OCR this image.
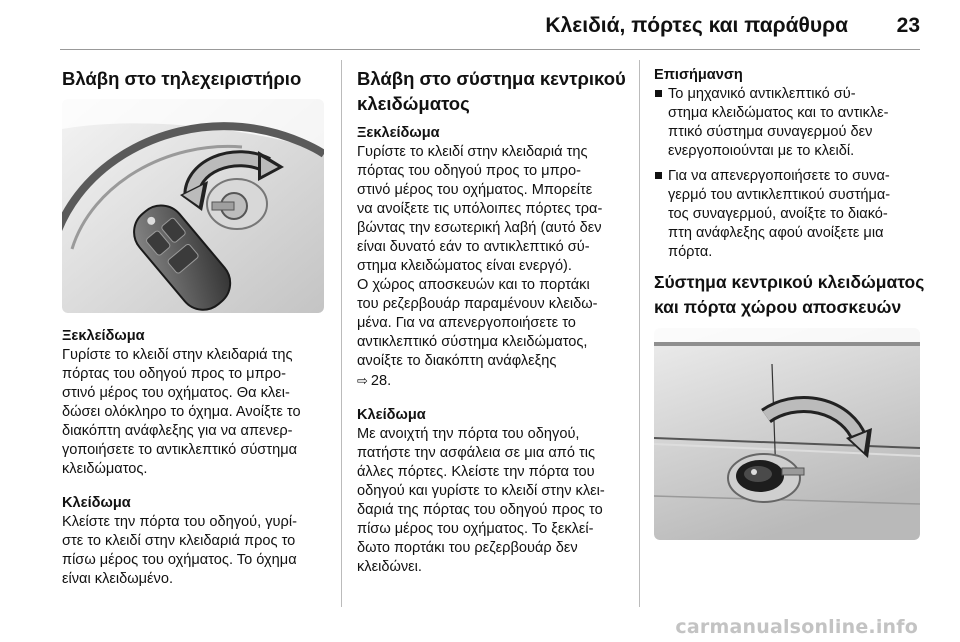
Κλειδιά, πόρτες και παράθυρα 23
Βλάβη στο τηλεχειριστήριο
Ξεκλείδωμα

Γυρίστε το κλειδί στην κλειδαριά της
πόρτας του οδηγού προς το μπρο-
στινό μέρος του οχήματος. Θα κλει-
δώσει ολόκληρο το όχημα. Ανοίξτε το
διακόπτη ανάφλεξης για να απενερ-
γοποιήσετε το αντικλεπτικό σύστημα
κλειδώματος.

Κλείδωμα

Κλείστε την πόρτα του οδηγού, γυρί-
στε το κλειδί στην κλειδαριά προς το
πίσω μέρος του οχήματος. Το όχημα
είναι κλειδωμένο.

Βλάβη στο σύστημα κεντρικού
κλειδώματος
Ξεκλείδωμα

Γυρίστε το κλειδί στην κλειδαριά της
πόρτας του οδηγού προς το μπρο-
στινό μέρος του οχήματος. Μπορείτε
να ανοίξετε τις υπόλοιπες πόρτες τρα-
βώντας την εσωτερική λαβή (αυτό δεν
είναι δυνατό εάν το αντικλεπτικό σύ-
στημα κλειδώματος είναι ενεργό).
Ο χώρος αποσκευών και το πορτάκι
του ρεζερβουάρ παραμένουν κλειδω-
μένα. Για να απενεργοποιήσετε το
αντικλεπτικό σύστημα κλειδώματος,
ανοίξτε το διακόπτη ανάφλεξης
⇨ 28.

Κλείδωμα

Με ανοιχτή την πόρτα του οδηγού,
πατήστε την ασφάλεια σε μια από τις
άλλες πόρτες. Κλείστε την πόρτα του
οδηγού και γυρίστε το κλειδί στην κλει-
δαριά της πόρτας του οδηγού προς το
πίσω μέρος του οχήματος. Το ξεκλεί-
δωτο πορτάκι του ρεζερβουάρ δεν
κλειδώνει.

Επισήμανση
Το μηχανικό αντικλεπτικό σύ-
στημα κλειδώματος και το αντικλε-
πτικό σύστημα συναγερμού δεν
ενεργοποιούνται με το κλειδί.
Για να απενεργοποιήσετε το συνα-
γερμό του αντικλεπτικού συστήμα-
τος συναγερμού, ανοίξτε το διακό-
πτη ανάφλεξης αφού ανοίξετε μια
πόρτα.
Σύστημα κεντρικού κλειδώματος
και πόρτα χώρου αποσκευών
carmanualsonline.info
